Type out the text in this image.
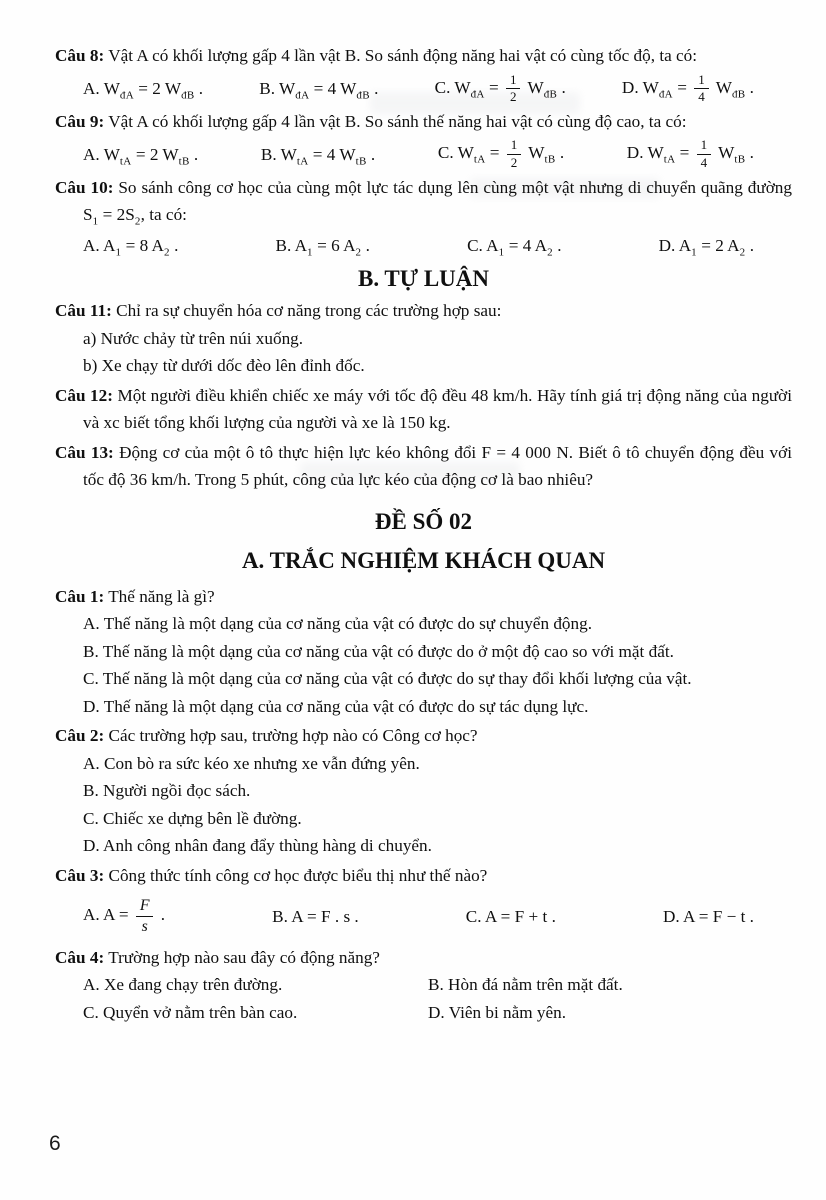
Câu 8: Vật A có khối lượng gấp 4 lần vật B. So sánh động năng hai vật có cùng tốc độ, ta có:

A. $W_{đA} = 2$ $W_{đB}$ .	B. $W_{đA} = 4$ $W_{đB}$ .	C. $W_{đA} = \frac{1}{2} W_{đB}$ .	D. $W_{đA} = \frac{1}{4} W_{đB}$ .

Câu 9: Vật A có khối lượng gấp 4 lần vật B. So sánh thế năng hai vật có cùng độ cao, ta có:

A. $W_{tA} = 2$ $W_{tB}$ .	B. $W_{tA} = 4$ $W_{tB}$ .	C. $W_{tA} = \frac{1}{2} W_{tB}$ .	D. $W_{tA} = \frac{1}{4} W_{tB}$ .

Câu 10: So sánh công cơ học của cùng một lực tác dụng lên cùng một vật nhưng di chuyển quãng đường $S_1 = 2S_2$, ta có:

A. $A_1 = 8$ $A_2$ .	B. $A_1 = 6$ $A_2$ .	C. $A_1 = 4$ $A_2$ .	D. $A_1 = 2$ $A_2$ .

B. TỰ LUẬN

Câu 11: Chỉ ra sự chuyển hóa cơ năng trong các trường hợp sau:

a) Nước chảy từ trên núi xuống.

b) Xe chạy từ dưới dốc đèo lên đỉnh đốc.

Câu 12: Một người điều khiển chiếc xe máy với tốc độ đều 48 km/h. Hãy tính giá trị động năng của người và xc biết tổng khối lượng của người và xe là 150 kg.

Câu 13: Động cơ của một ô tô thực hiện lực kéo không đổi F = 4 000 N. Biết ô tô chuyển động đều với tốc độ 36 km/h. Trong 5 phút, công của lực kéo của động cơ là bao nhiêu?

ĐỀ SỐ 02

A. TRẮC NGHIỆM KHÁCH QUAN

Câu 1: Thế năng là gì?

A. Thế năng là một dạng của cơ năng của vật có được do sự chuyển động.

B. Thế năng là một dạng của cơ năng của vật có được do ở một độ cao so với mặt đất.

C. Thế năng là một dạng của cơ năng của vật có được do sự thay đổi khối lượng của vật.

D. Thế năng là một dạng của cơ năng của vật có được do sự tác dụng lực.

Câu 2: Các trường hợp sau, trường hợp nào có Công cơ học?

A. Con bò ra sức kéo xe nhưng xe vẫn đứng yên.

B. Người ngồi đọc sách.

C. Chiếc xe dựng bên lề đường.

D. Anh công nhân đang đẩy thùng hàng di chuyển.

Câu 3: Công thức tính công cơ học được biểu thị như thế nào?

A. $A = \frac{F}{s}$ .	B. A = F . s .	C. A = F + t .	D. A = F − t .

Câu 4: Trường hợp nào sau đây có động năng?

A. Xe đang chạy trên đường.	B. Hòn đá nằm trên mặt đất.
C. Quyển vở nằm trên bàn cao.	D. Viên bi nằm yên.
6
